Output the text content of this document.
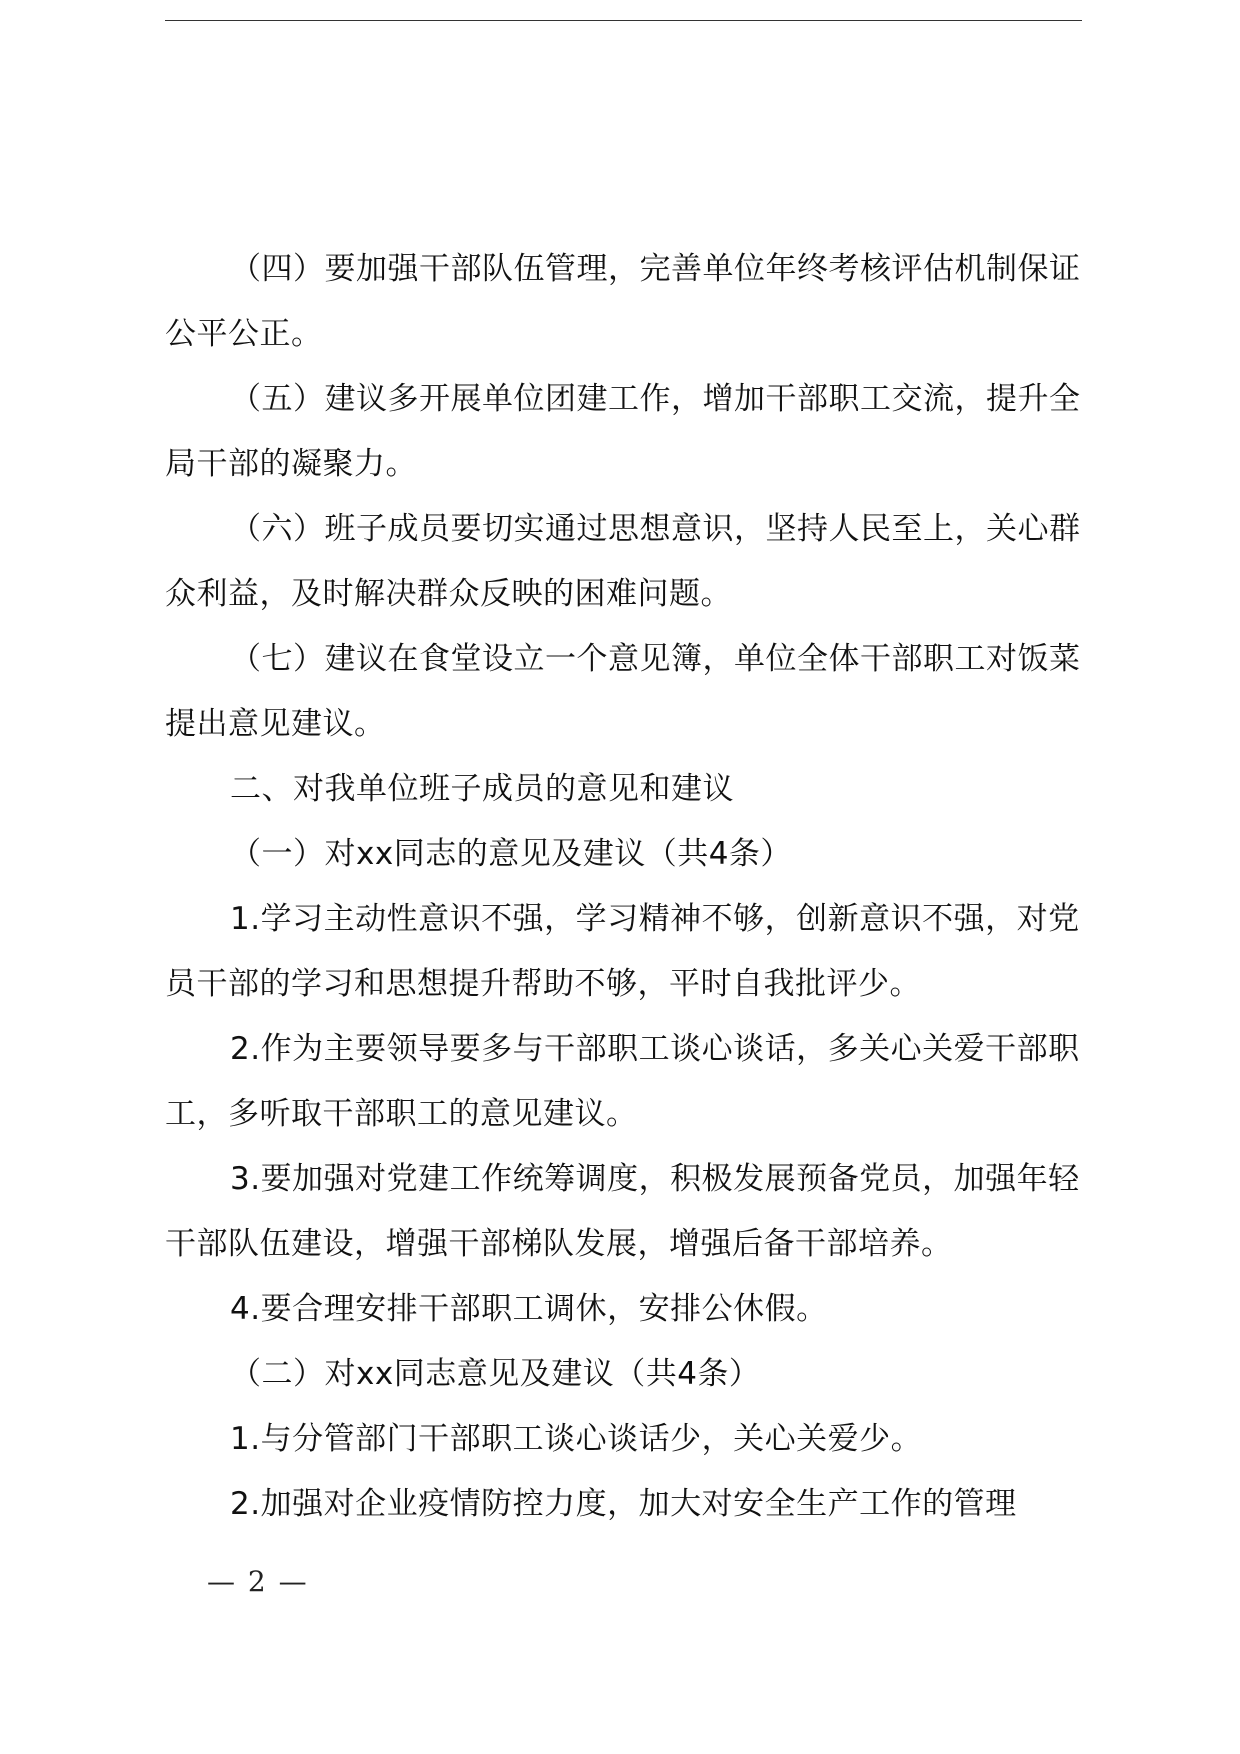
（四）要加强干部队伍管理，完善单位年终考核评估机制保证公平公正。

（五）建议多开展单位团建工作，增加干部职工交流，提升全局干部的凝聚力。

（六）班子成员要切实通过思想意识，坚持人民至上，关心群众利益，及时解决群众反映的困难问题。

（七）建议在食堂设立一个意见簿，单位全体干部职工对饭菜提出意见建议。

二、对我单位班子成员的意见和建议

（一）对xx同志的意见及建议（共4条）

1.学习主动性意识不强，学习精神不够，创新意识不强，对党员干部的学习和思想提升帮助不够，平时自我批评少。

2.作为主要领导要多与干部职工谈心谈话，多关心关爱干部职工，多听取干部职工的意见建议。

3.要加强对党建工作统筹调度，积极发展预备党员，加强年轻干部队伍建设，增强干部梯队发展，增强后备干部培养。

4.要合理安排干部职工调休，安排公休假。

（二）对xx同志意见及建议（共4条）

1.与分管部门干部职工谈心谈话少，关心关爱少。

2.加强对企业疫情防控力度，加大对安全生产工作的管理

— 2 —
